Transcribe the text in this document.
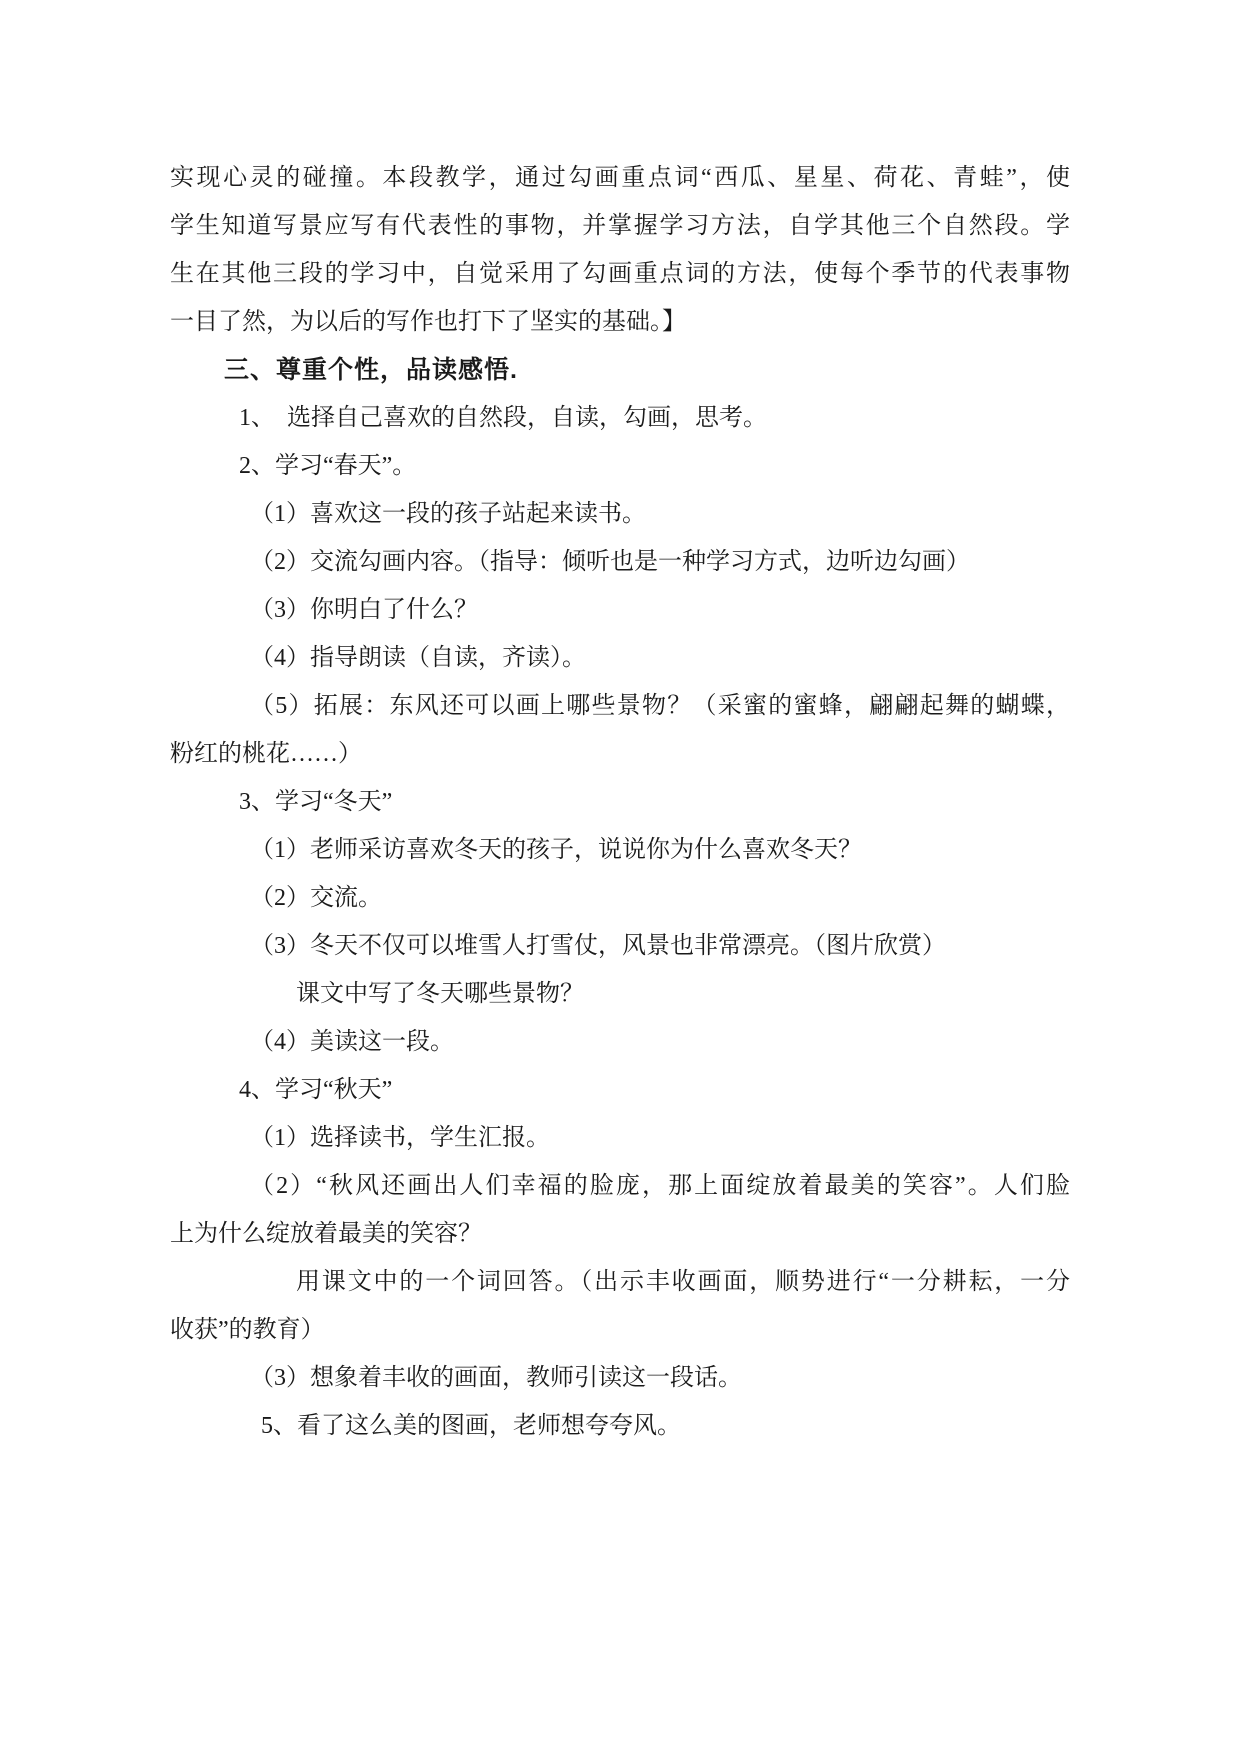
实现心灵的碰撞。本段教学，通过勾画重点词“西瓜、星星、荷花、青蛙”，使
学生知道写景应写有代表性的事物，并掌握学习方法，自学其他三个自然段。学
生在其他三段的学习中，自觉采用了勾画重点词的方法，使每个季节的代表事物
一目了然，为以后的写作也打下了坚实的基础。】
三、尊重个性，品读感悟.
1、　选择自己喜欢的自然段，自读，勾画，思考。
2、学习“春天”。
（1）喜欢这一段的孩子站起来读书。
（2）交流勾画内容。（指导：倾听也是一种学习方式，边听边勾画）
（3）你明白了什么？
（4）指导朗读（自读，齐读）。
（5）拓展：东风还可以画上哪些景物？（采蜜的蜜蜂，翩翩起舞的蝴蝶，
粉红的桃花……）
3、学习“冬天”
（1）老师采访喜欢冬天的孩子，说说你为什么喜欢冬天？
（2）交流。
（3）冬天不仅可以堆雪人打雪仗，风景也非常漂亮。（图片欣赏）
课文中写了冬天哪些景物？
（4）美读这一段。
4、学习“秋天”
（1）选择读书，学生汇报。
（2）“秋风还画出人们幸福的脸庞，那上面绽放着最美的笑容”。人们脸
上为什么绽放着最美的笑容？
用课文中的一个词回答。（出示丰收画面，顺势进行“一分耕耘，一分
收获”的教育）
（3）想象着丰收的画面，教师引读这一段话。
5、看了这么美的图画，老师想夸夸风。
